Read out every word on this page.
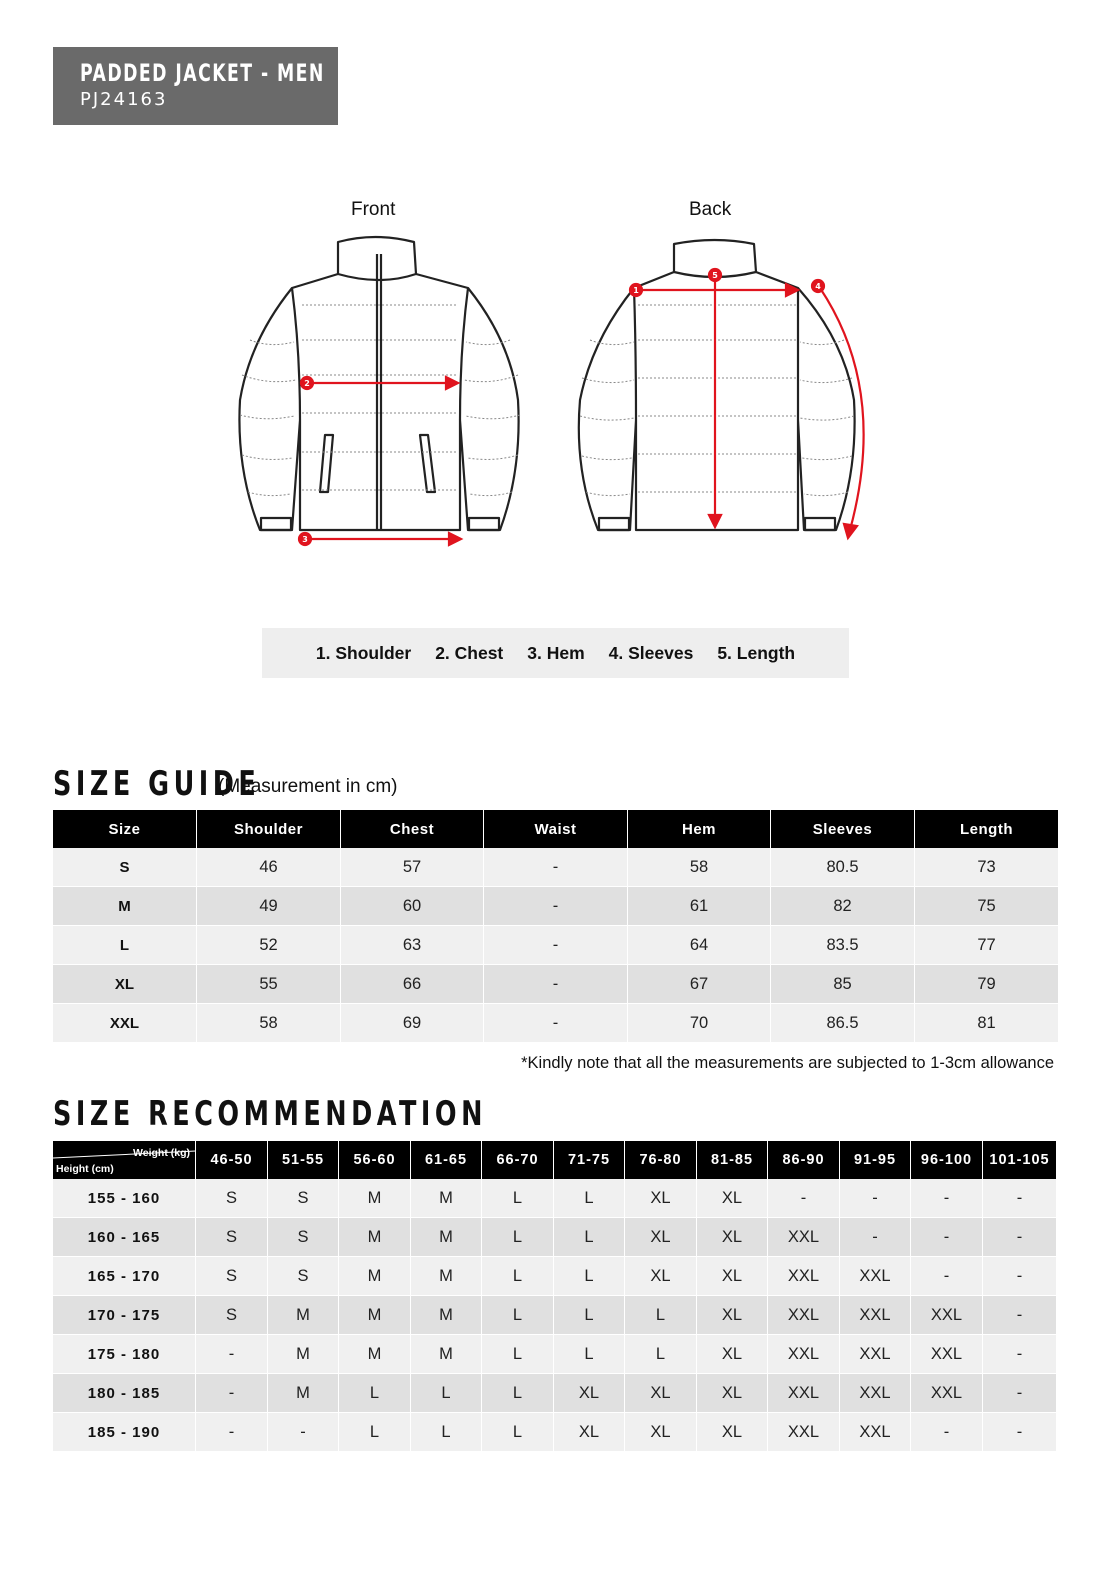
PADDED JACKET - MEN
PJ24163
Front	Back
2
3
1
5
4
1. Shoulder 2. Chest 3. Hem 4. Sleeves 5. Length
SIZE GUIDE
(Measurement in cm)
Size	Shoulder	Chest	Waist	Hem	Sleeves	Length
S	46	57	-	58	80.5	73
M	49	60	-	61	82	75
L	52	63	-	64	83.5	77
XL	55	66	-	67	85	79
XXL	58	69	-	70	86.5	81
*Kindly note that all the measurements are subjected to 1-3cm allowance
SIZE RECOMMENDATION
Weight (kg)
Height (cm)	46-50	51-55	56-60	61-65	66-70	71-75	76-80	81-85	86-90	91-95	96-100	101-105
155 - 160	S	S	M	M	L	L	XL	XL	-	-	-	-
160 - 165	S	S	M	M	L	L	XL	XL	XXL	-	-	-
165 - 170	S	S	M	M	L	L	XL	XL	XXL	XXL	-	-
170 - 175	S	M	M	M	L	L	L	XL	XXL	XXL	XXL	-
175 - 180	-	M	M	M	L	L	L	XL	XXL	XXL	XXL	-
180 - 185	-	M	L	L	L	XL	XL	XL	XXL	XXL	XXL	-
185 - 190	-	-	L	L	L	XL	XL	XL	XXL	XXL	-	-
